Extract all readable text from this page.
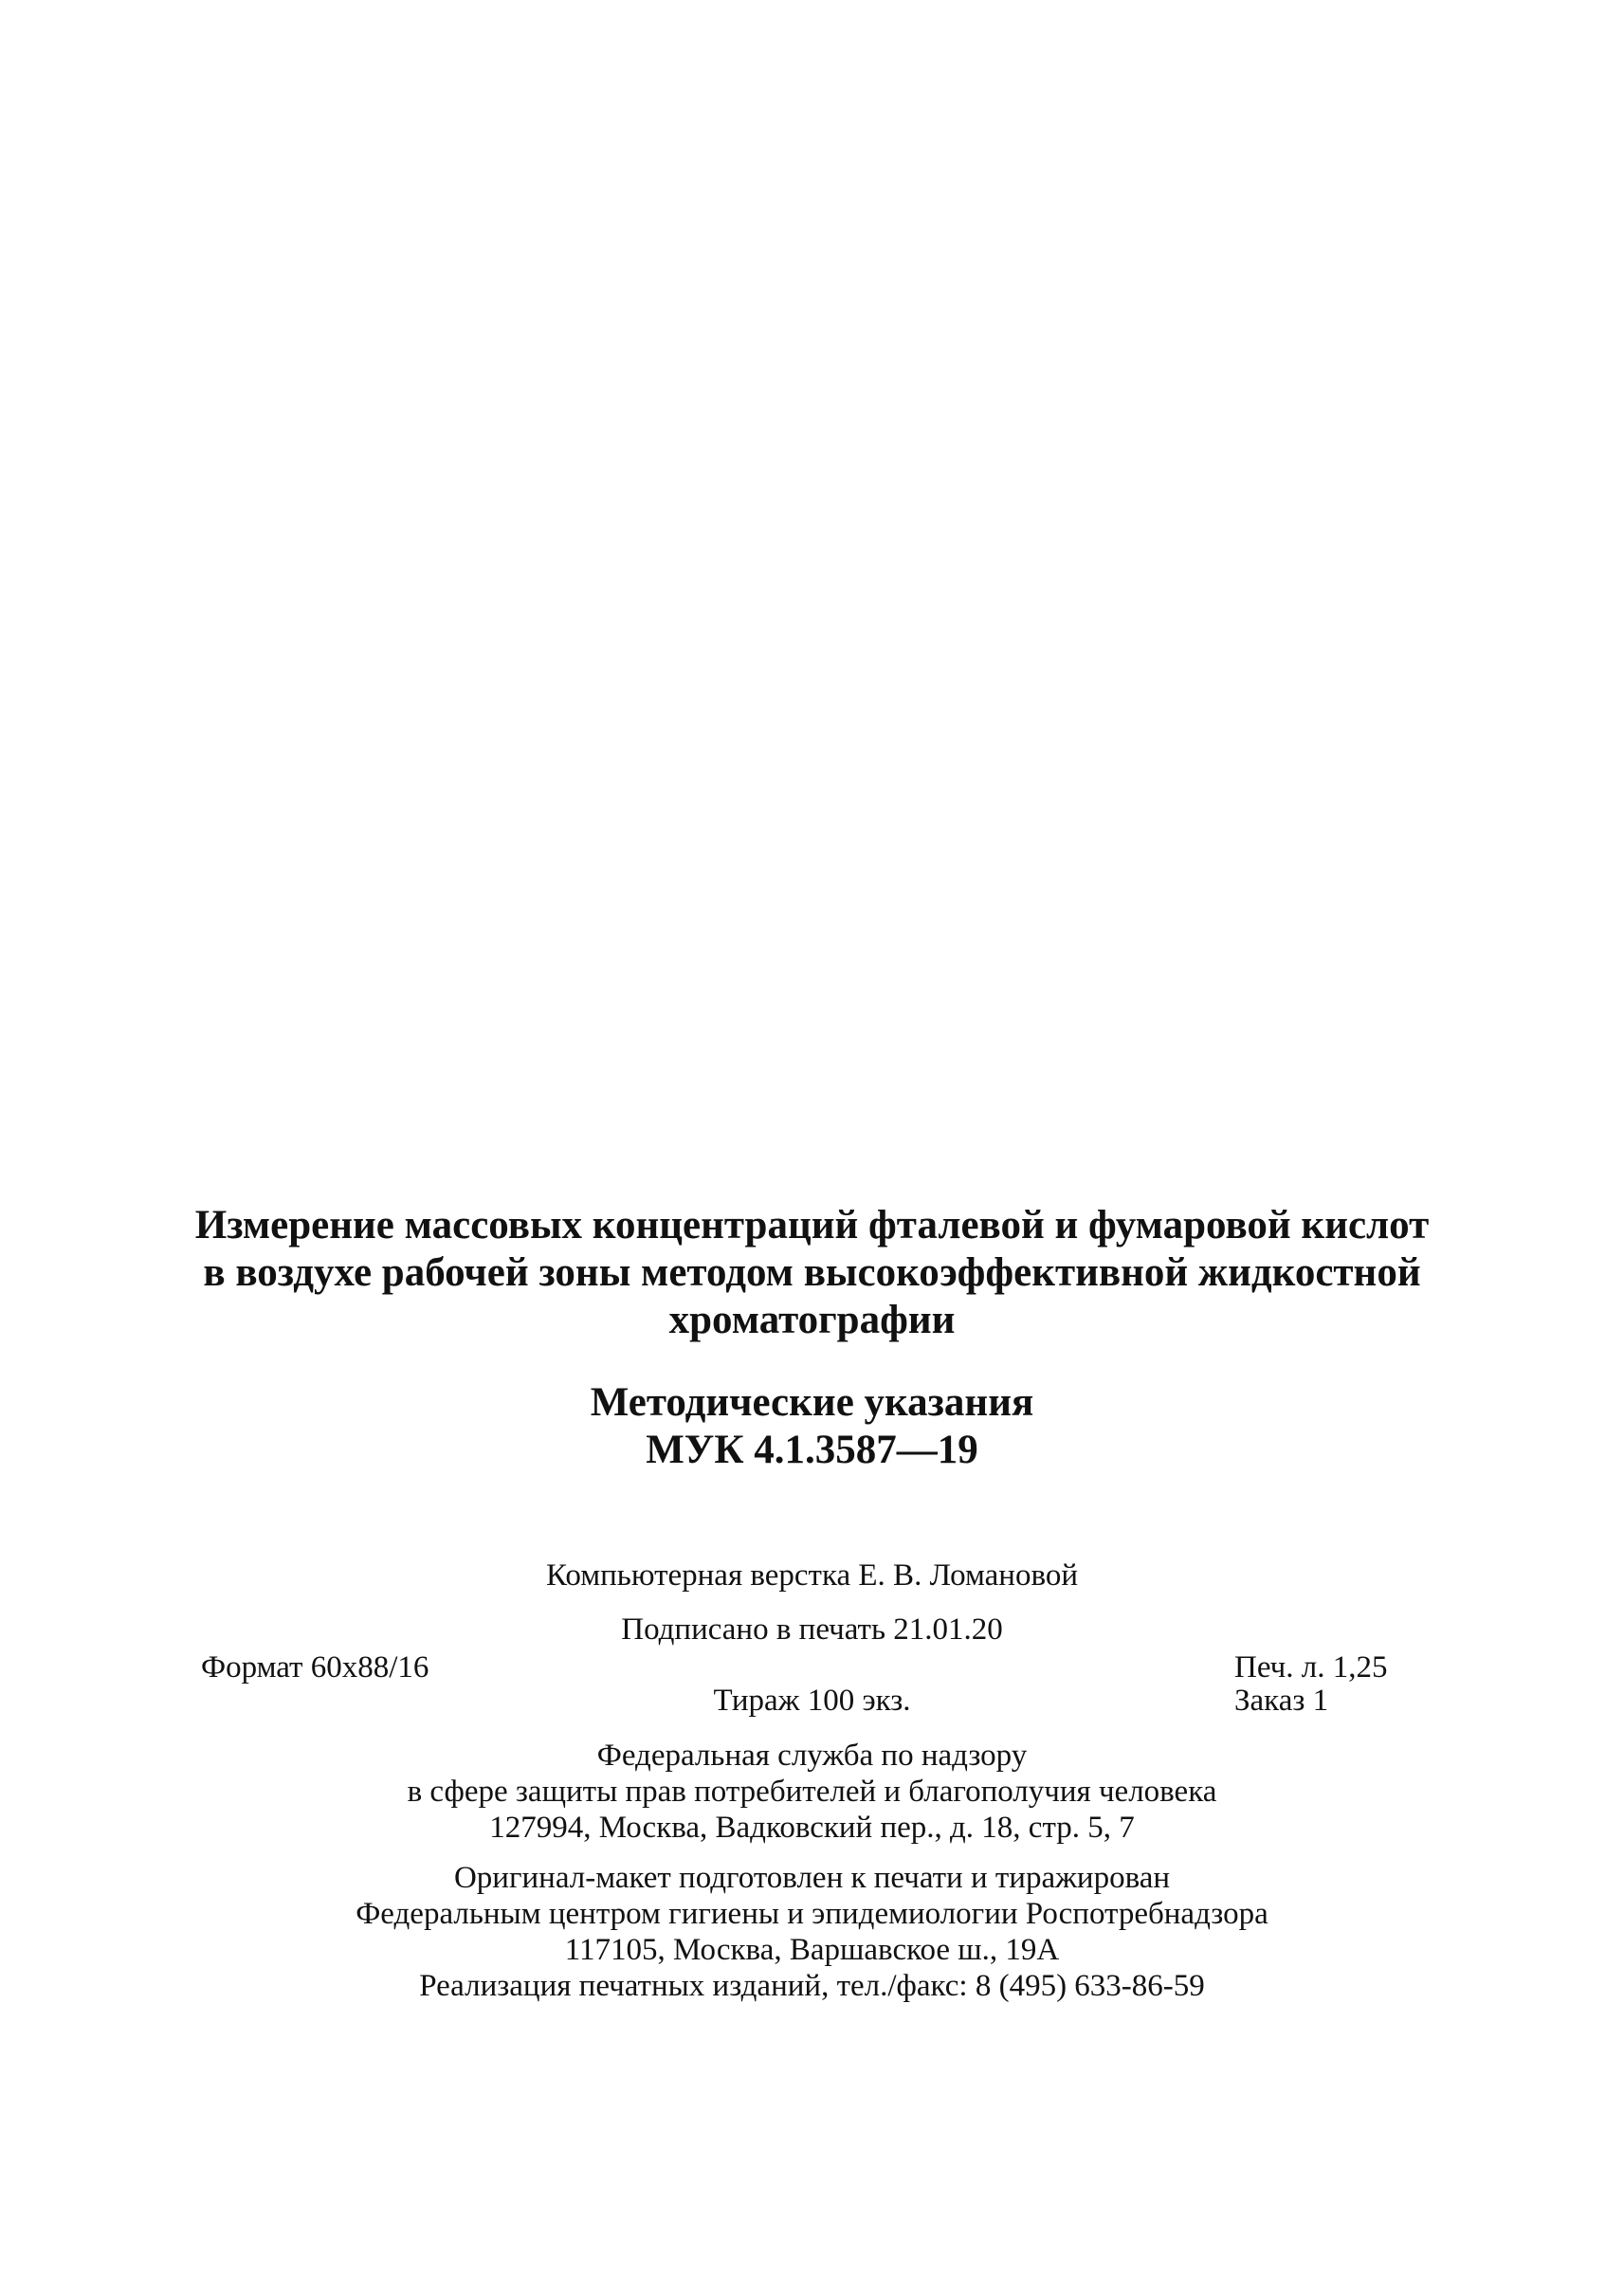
Измерение массовых концентраций фталевой и фумаровой кислот
в воздухе рабочей зоны методом высокоэффективной жидкостной
хроматографии
Методические указания
МУК 4.1.3587—19
Компьютерная верстка Е. В. Ломановой
Подписано в печать 21.01.20
Формат 60x88/16	Печ. л. 1,25
Тираж 100 экз.	Заказ 1
Федеральная служба по надзору
в сфере защиты прав потребителей и благополучия человека
127994, Москва, Вадковский пер., д. 18, стр. 5, 7
Оригинал-макет подготовлен к печати и тиражирован
Федеральным центром гигиены и эпидемиологии Роспотребнадзора
117105, Москва, Варшавское ш., 19А
Реализация печатных изданий, тел./факс: 8 (495) 633-86-59
